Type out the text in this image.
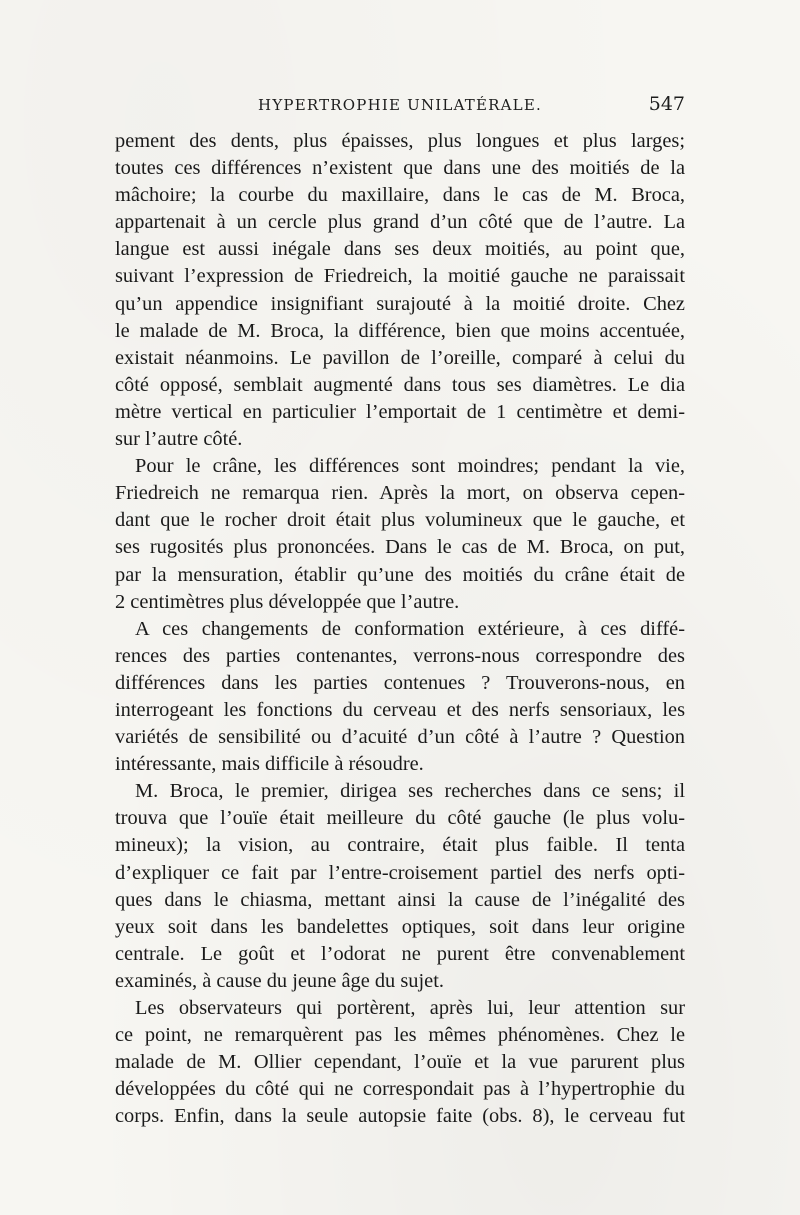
HYPERTROPHIE UNILATÉRALE.	547
pement des dents, plus épaisses, plus longues et plus larges;
toutes ces différences n’existent que dans une des moitiés de la
mâchoire; la courbe du maxillaire, dans le cas de M. Broca,
appartenait à un cercle plus grand d’un côté que de l’autre. La
langue est aussi inégale dans ses deux moitiés, au point que,
suivant l’expression de Friedreich, la moitié gauche ne paraissait
qu’un appendice insignifiant surajouté à la moitié droite. Chez
le malade de M. Broca, la différence, bien que moins accentuée,
existait néanmoins. Le pavillon de l’oreille, comparé à celui du
côté opposé, semblait augmenté dans tous ses diamètres. Le dia
mètre vertical en particulier l’emportait de 1 centimètre et demi-
sur l’autre côté.
Pour le crâne, les différences sont moindres; pendant la vie,
Friedreich ne remarqua rien. Après la mort, on observa cepen-
dant que le rocher droit était plus volumineux que le gauche, et
ses rugosités plus prononcées. Dans le cas de M. Broca, on put,
par la mensuration, établir qu’une des moitiés du crâne était de
2 centimètres plus développée que l’autre.
A ces changements de conformation extérieure, à ces diffé-
rences des parties contenantes, verrons-nous correspondre des
différences dans les parties contenues ? Trouverons-nous, en
interrogeant les fonctions du cerveau et des nerfs sensoriaux, les
variétés de sensibilité ou d’acuité d’un côté à l’autre ? Question
intéressante, mais difficile à résoudre.
M. Broca, le premier, dirigea ses recherches dans ce sens; il
trouva que l’ouïe était meilleure du côté gauche (le plus volu-
mineux); la vision, au contraire, était plus faible. Il tenta
d’expliquer ce fait par l’entre-croisement partiel des nerfs opti-
ques dans le chiasma, mettant ainsi la cause de l’inégalité des
yeux soit dans les bandelettes optiques, soit dans leur origine
centrale. Le goût et l’odorat ne purent être convenablement
examinés, à cause du jeune âge du sujet.
Les observateurs qui portèrent, après lui, leur attention sur
ce point, ne remarquèrent pas les mêmes phénomènes. Chez le
malade de M. Ollier cependant, l’ouïe et la vue parurent plus
développées du côté qui ne correspondait pas à l’hypertrophie du
corps. Enfin, dans la seule autopsie faite (obs. 8), le cerveau fut
